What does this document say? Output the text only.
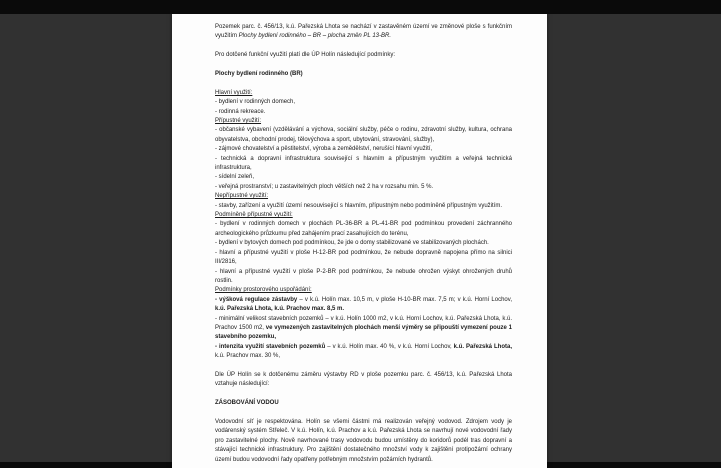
Pozemek parc. č. 456/13, k.ú. Pařezská Lhota se nachází v zastavěném území ve změnové ploše s funkčním využitím Plochy bydlení rodinného – BR – plocha změn PL 13-BR.

Pro dotčené funkční využití platí dle ÚP Holín následující podmínky:

Plochy bydlení rodinného (BR)

Hlavní využití:

- bydlení v rodinných domech,

- rodinná rekreace.

Přípustné využití:

- občanské vybavení (vzdělávání a výchova, sociální služby, péče o rodinu, zdravotní služby, kultura, ochrana obyvatelstva, obchodní prodej, tělovýchova a sport, ubytování, stravování, služby),

- zájmové chovatelství a pěstitelství, výroba a zemědělství, nerušící hlavní využití,

- technická a dopravní infrastruktura související s hlavním a přípustným využitím a veřejná technická infrastruktura,

- sídelní zeleň,

- veřejná prostranství; u zastavitelných ploch větších než 2 ha v rozsahu min. 5 %.

Nepřípustné využití:

- stavby, zařízení a využití území nesouvisející s hlavním, přípustným nebo podmíněně přípustným využitím.

Podmíněně přípustné využití:

- bydlení v rodinných domech v plochách PL-36-BR a PL-41-BR pod podmínkou provedení záchranného archeologického průzkumu před zahájením prací zasahujících do terénu,

- bydlení v bytových domech pod podmínkou, že jde o domy stabilizované ve stabilizovaných plochách.

- hlavní a přípustné využití v ploše H-12-BR pod podmínkou, že nebude dopravně napojena přímo na silnici III/2816,

- hlavní a přípustné využití v ploše P-2-BR pod podmínkou, že nebude ohrožen výskyt ohrožených druhů rostlin.

Podmínky prostorového uspořádání:

- výšková regulace zástavby – v k.ú. Holín max. 10,5 m, v ploše H-10-BR max. 7,5 m; v k.ú. Horní Lochov, k.ú. Pařezská Lhota, k.ú. Prachov max. 8,5 m.

- minimální velikost stavebních pozemků – v k.ú. Holín 1000 m2, v k.ú. Horní Lochov, k.ú. Pařezská Lhota, k.ú. Prachov 1500 m2, ve vymezených zastavitelných plochách menší výměry se připouští vymezení pouze 1 stavebního pozemku,

- intenzita využití stavebních pozemků – v k.ú. Holín max. 40 %, v k.ú. Horní Lochov, k.ú. Pařezská Lhota, k.ú. Prachov max. 30 %,

Dle ÚP Holín se k dotčenému záměru výstavby RD v ploše pozemku parc. č. 456/13, k.ú. Pařezská Lhota vztahuje následující:

ZÁSOBOVÁNÍ VODOU

Vodovodní síť je respektována. Holín se všemi částmi má realizován veřejný vodovod. Zdrojem vody je vodárenský systém Střeleč. V k.ú. Holín, k.ú. Prachov a k.ú. Pařezská Lhota se navrhují nové vodovodní řady pro zastavitelné plochy. Nově navrhované trasy vodovodu budou umístěny do koridorů podél tras dopravní a stávající technické infrastruktury. Pro zajištění dostatečného množství vody k zajištění protipožární ochrany území budou vodovodní řady opatřeny potřebným množstvím požárních hydrantů.
